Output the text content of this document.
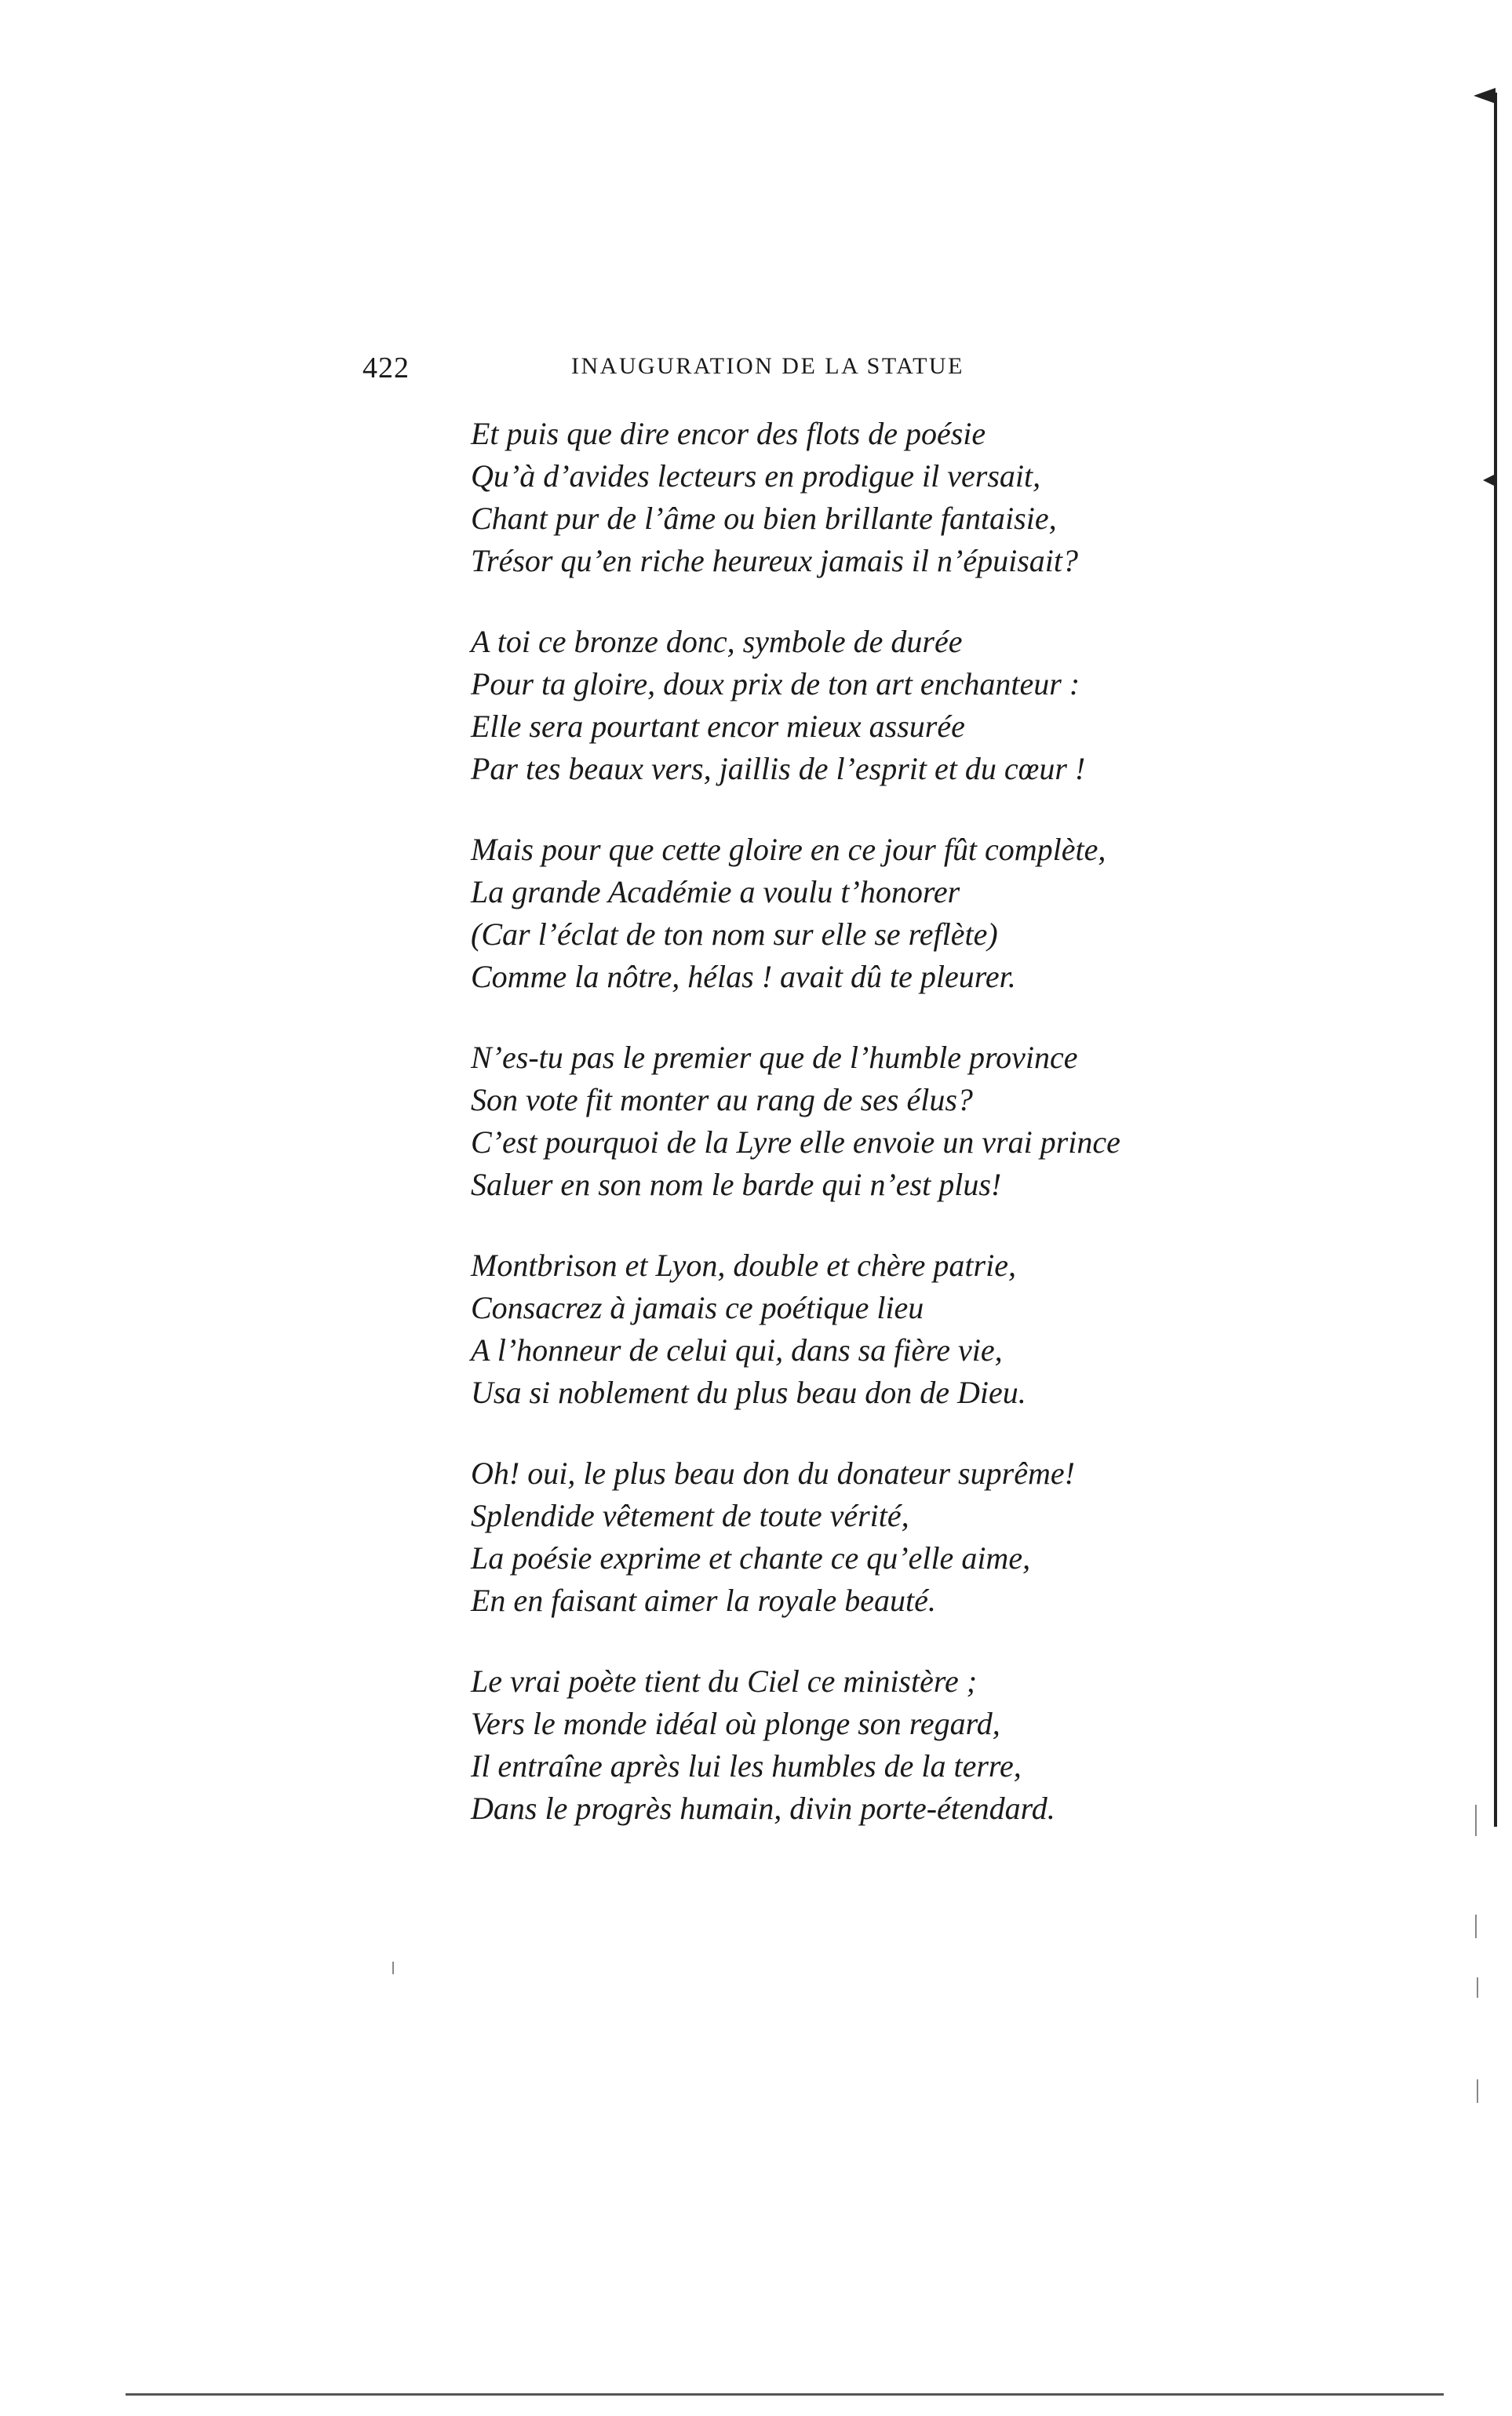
422	INAUGURATION DE LA STATUE
Et puis que dire encor des flots de poésie
Qu’à d’avides lecteurs en prodigue il versait,
Chant pur de l’âme ou bien brillante fantaisie,
Trésor qu’en riche heureux jamais il n’épuisait?
A toi ce bronze donc, symbole de durée
Pour ta gloire, doux prix de ton art enchanteur :
Elle sera pourtant encor mieux assurée
Par tes beaux vers, jaillis de l’esprit et du cœur !
Mais pour que cette gloire en ce jour fût complète,
La grande Académie a voulu t’honorer
(Car l’éclat de ton nom sur elle se reflète)
Comme la nôtre, hélas ! avait dû te pleurer.
N’es-tu pas le premier que de l’humble province
Son vote fit monter au rang de ses élus?
C’est pourquoi de la Lyre elle envoie un vrai prince
Saluer en son nom le barde qui n’est plus!
Montbrison et Lyon, double et chère patrie,
Consacrez à jamais ce poétique lieu
A l’honneur de celui qui, dans sa fière vie,
Usa si noblement du plus beau don de Dieu.
Oh! oui, le plus beau don du donateur suprême!
Splendide vêtement de toute vérité,
La poésie exprime et chante ce qu’elle aime,
En en faisant aimer la royale beauté.
Le vrai poète tient du Ciel ce ministère ;
Vers le monde idéal où plonge son regard,
Il entraîne après lui les humbles de la terre,
Dans le progrès humain, divin porte-étendard.
